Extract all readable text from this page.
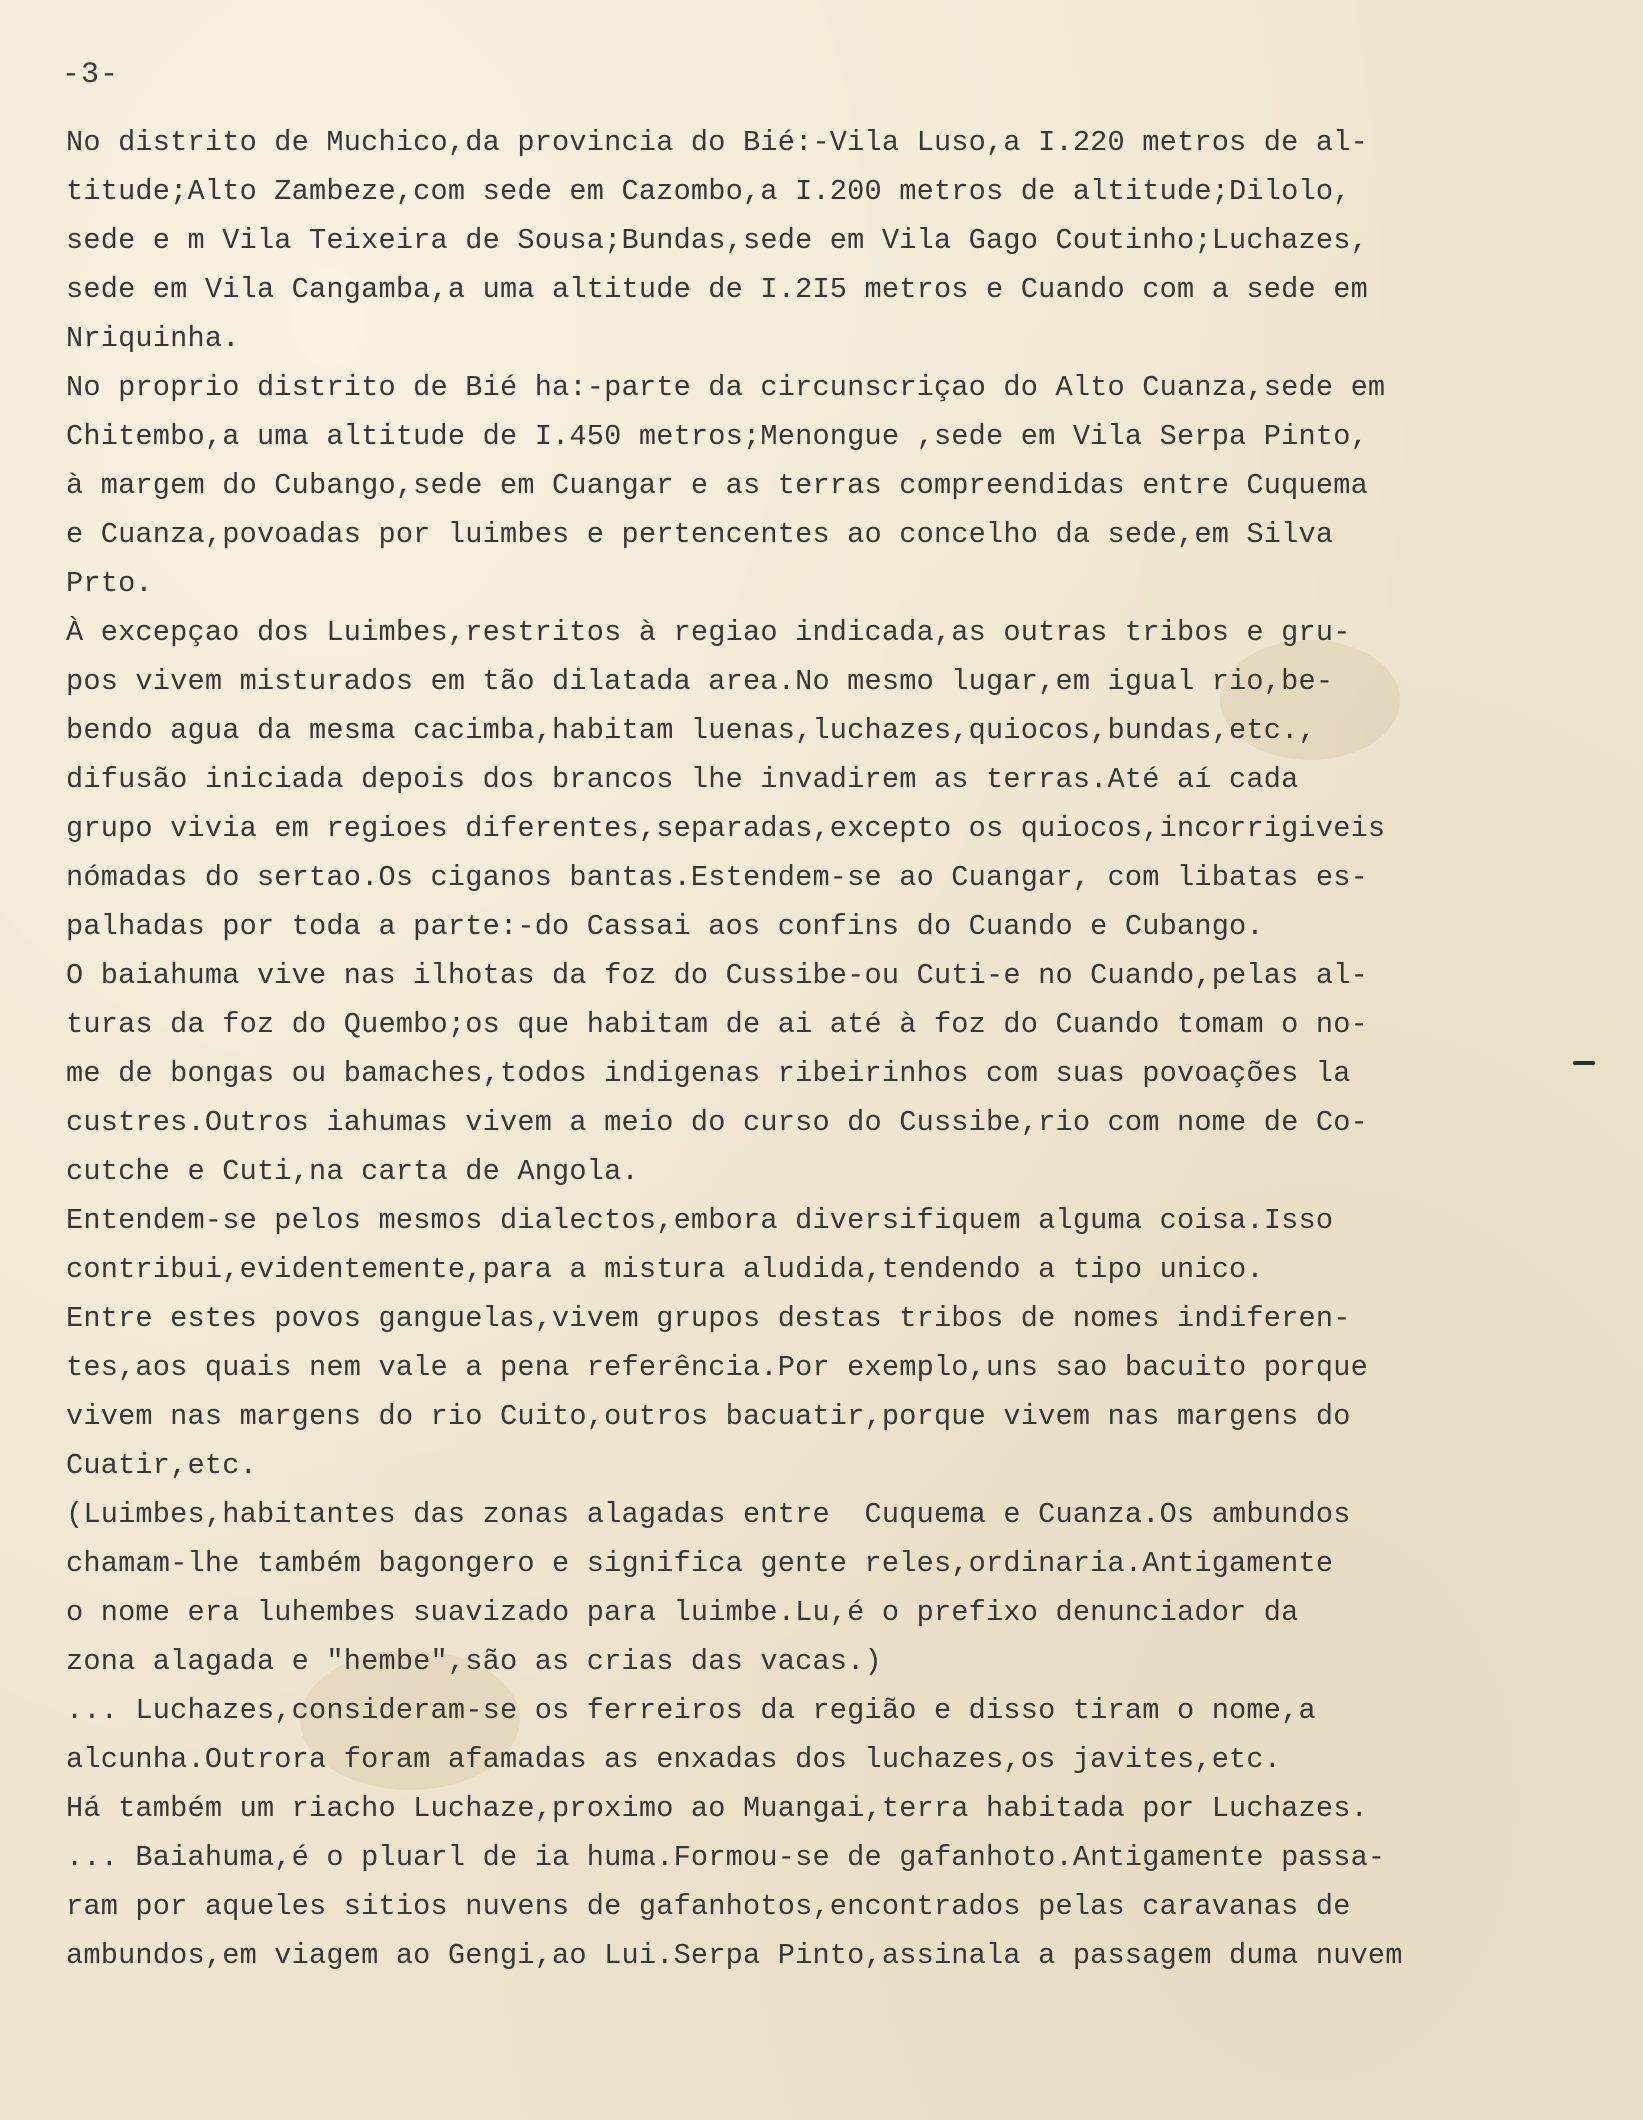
-3-
No distrito de Muchico,da provincia do Bié:-Vila Luso,a I.220 metros de al-
titude;Alto Zambeze,com sede em Cazombo,a I.200 metros de altitude;Dilolo,
sede e m Vila Teixeira de Sousa;Bundas,sede em Vila Gago Coutinho;Luchazes,
sede em Vila Cangamba,a uma altitude de I.2I5 metros e Cuando com a sede em
Nriquinha.
No proprio distrito de Bié ha:-parte da circunscriçao do Alto Cuanza,sede em
Chitembo,a uma altitude de I.450 metros;Menongue ,sede em Vila Serpa Pinto,
à margem do Cubango,sede em Cuangar e as terras compreendidas entre Cuquema
e Cuanza,povoadas por luimbes e pertencentes ao concelho da sede,em Silva
Prto.
À excepçao dos Luimbes,restritos à regiao indicada,as outras tribos e gru-
pos vivem misturados em tão dilatada area.No mesmo lugar,em igual rio,be-
bendo agua da mesma cacimba,habitam luenas,luchazes,quiocos,bundas,etc.,
difusão iniciada depois dos brancos lhe invadirem as terras.Até aí cada
grupo vivia em regioes diferentes,separadas,excepto os quiocos,incorrigiveis
nómadas do sertao.Os ciganos bantas.Estendem-se ao Cuangar, com libatas es-
palhadas por toda a parte:-do Cassai aos confins do Cuando e Cubango.
O baiahuma vive nas ilhotas da foz do Cussibe-ou Cuti-e no Cuando,pelas al-
turas da foz do Quembo;os que habitam de ai até à foz do Cuando tomam o no-
me de bongas ou bamaches,todos indigenas ribeirinhos com suas povoações la
custres.Outros iahumas vivem a meio do curso do Cussibe,rio com nome de Co-
cutche e Cuti,na carta de Angola.
Entendem-se pelos mesmos dialectos,embora diversifiquem alguma coisa.Isso
contribui,evidentemente,para a mistura aludida,tendendo a tipo unico.
Entre estes povos ganguelas,vivem grupos destas tribos de nomes indiferen-
tes,aos quais nem vale a pena referência.Por exemplo,uns sao bacuito porque
vivem nas margens do rio Cuito,outros bacuatir,porque vivem nas margens do
Cuatir,etc.
(Luimbes,habitantes das zonas alagadas entre  Cuquema e Cuanza.Os ambundos
chamam-lhe também bagongero e significa gente reles,ordinaria.Antigamente
o nome era luhembes suavizado para luimbe.Lu,é o prefixo denunciador da
zona alagada e "hembe",são as crias das vacas.)
... Luchazes,consideram-se os ferreiros da região e disso tiram o nome,a
alcunha.Outrora foram afamadas as enxadas dos luchazes,os javites,etc.
Há também um riacho Luchaze,proximo ao Muangai,terra habitada por Luchazes.
... Baiahuma,é o pluarl de ia huma.Formou-se de gafanhoto.Antigamente passa-
ram por aqueles sitios nuvens de gafanhotos,encontrados pelas caravanas de
ambundos,em viagem ao Gengi,ao Lui.Serpa Pinto,assinala a passagem duma nuvem
